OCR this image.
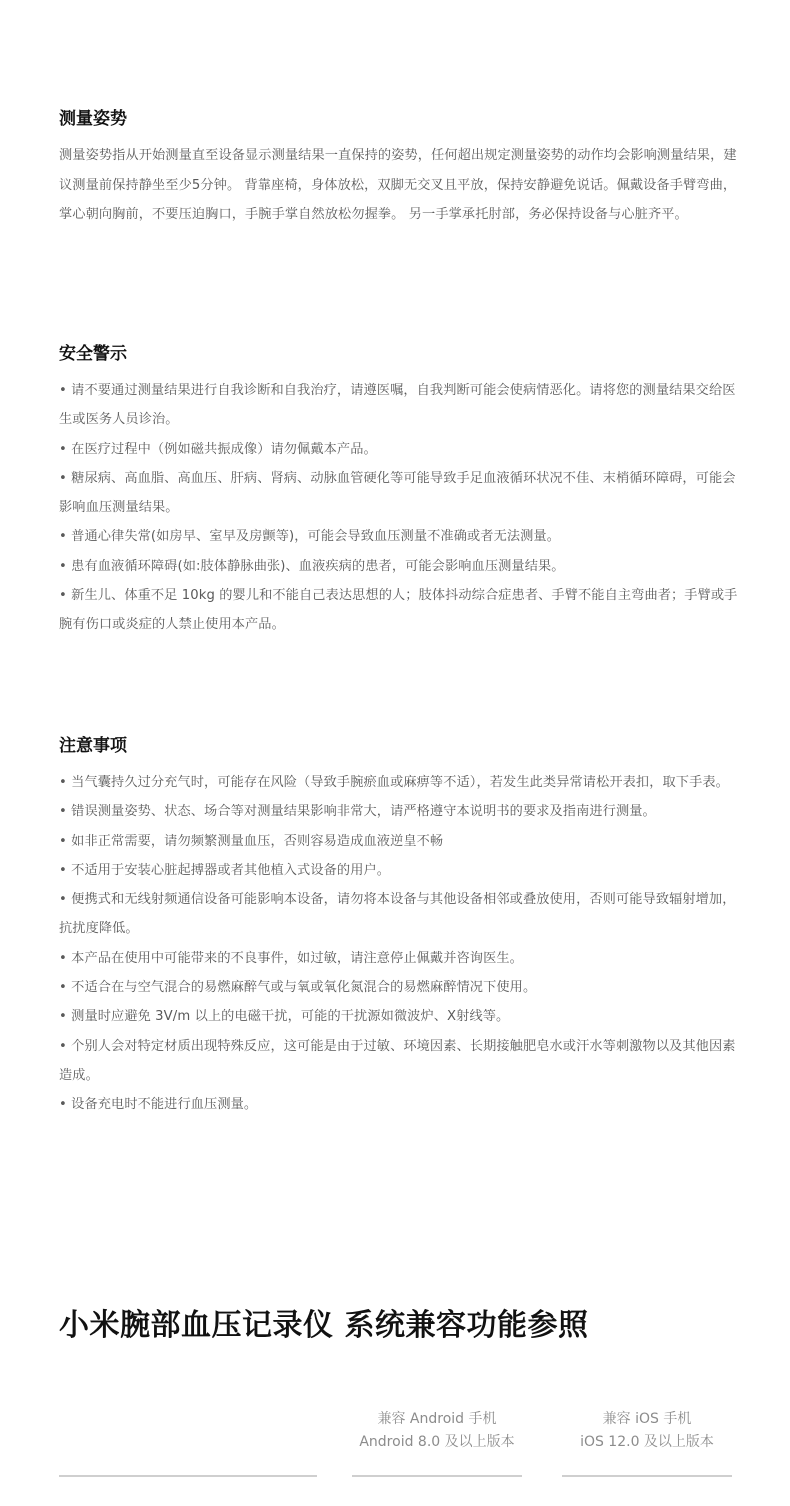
测量姿势

测量姿势指从开始测量直至设备显示测量结果一直保持的姿势，任何超出规定测量姿势的动作均会影响测量结果，建议测量前保持静坐至少5分钟。 背靠座椅，身体放松，双脚无交叉且平放，保持安静避免说话。佩戴设备手臂弯曲，掌心朝向胸前，不要压迫胸口，手腕手掌自然放松勿握拳。 另一手掌承托肘部，务必保持设备与心脏齐平。

安全警示
• 请不要通过测量结果进行自我诊断和自我治疗，请遵医嘱，自我判断可能会使病情恶化。请将您的测量结果交给医生或医务人员诊治。
• 在医疗过程中（例如磁共振成像）请勿佩戴本产品。
• 糖尿病、高血脂、高血压、肝病、肾病、动脉血管硬化等可能导致手足血液循环状况不佳、末梢循环障碍，可能会影响血压测量结果。
• 普通心律失常(如房早、室早及房颤等)，可能会导致血压测量不准确或者无法测量。
• 患有血液循环障碍(如:肢体静脉曲张)、血液疾病的患者，可能会影响血压测量结果。
• 新生儿、体重不足 10kg 的婴儿和不能自己表达思想的人；肢体抖动综合症患者、手臂不能自主弯曲者；手臂或手腕有伤口或炎症的人禁止使用本产品。
注意事项
• 当气囊持久过分充气时，可能存在风险（导致手腕瘀血或麻痹等不适），若发生此类异常请松开表扣，取下手表。
• 错误测量姿势、状态、场合等对测量结果影响非常大，请严格遵守本说明书的要求及指南进行测量。
• 如非正常需要，请勿频繁测量血压，否则容易造成血液逆皇不畅
• 不适用于安装心脏起搏器或者其他植入式设备的用户。
• 便携式和无线射频通信设备可能影响本设备，请勿将本设备与其他设备相邻或叠放使用，否则可能导致辐射增加，抗扰度降低。
• 本产品在使用中可能带来的不良事件，如过敏，请注意停止佩戴并咨询医生。
• 不适合在与空气混合的易燃麻醉气或与氧或氧化氮混合的易燃麻醉情况下使用。
• 测量时应避免 3V/m 以上的电磁干扰，可能的干扰源如微波炉、X射线等。
• 个别人会对特定材质出现特殊反应，这可能是由于过敏、环境因素、长期接触肥皂水或汗水等刺激物以及其他因素造成。
• 设备充电时不能进行血压测量。
小米腕部血压记录仪 系统兼容功能参照
兼容 Android 手机
Android 8.0 及以上版本
兼容 iOS 手机
iOS 12.0 及以上版本
